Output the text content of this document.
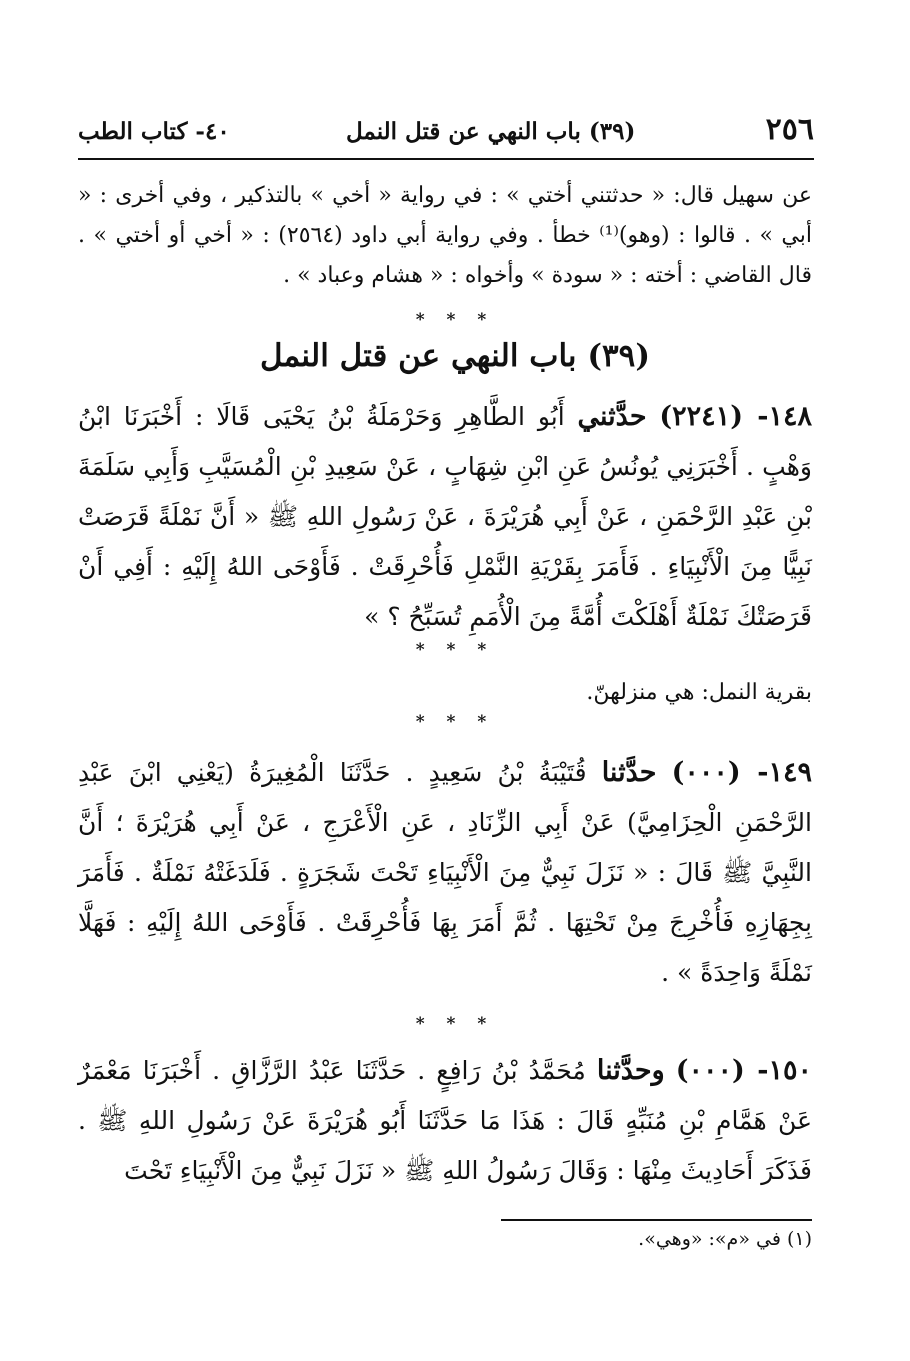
٢٥٦
(٣٩) باب النهي عن قتل النمل
٤٠- كتاب الطب
عن سهيل قال: « حدثتني أختي » : في رواية « أخي » بالتذكير ، وفي أخرى : « أبي » . قالوا : (وهو)⁽¹⁾ خطأ . وفي رواية أبي داود (٢٥٦٤) : « أخي أو أختي » . قال القاضي : أخته : « سودة » وأخواه : « هشام وعباد » .
* * *
(٣٩) باب النهي عن قتل النمل
١٤٨- (٢٢٤١) حدَّثني أَبُو الطَّاهِرِ وَحَرْمَلَةُ بْنُ يَحْيَى قَالَا : أَخْبَرَنَا ابْنُ وَهْبٍ . أَخْبَرَنِي يُونُسُ عَنِ ابْنِ شِهَابٍ ، عَنْ سَعِيدِ بْنِ الْمُسَيَّبِ وَأَبِي سَلَمَةَ بْنِ عَبْدِ الرَّحْمَنِ ، عَنْ أَبِي هُرَيْرَةَ ، عَنْ رَسُولِ اللهِ ﷺ « أَنَّ نَمْلَةً قَرَصَتْ نَبِيًّا مِنَ الْأَنْبِيَاءِ . فَأَمَرَ بِقَرْيَةِ النَّمْلِ فَأُحْرِقَتْ . فَأَوْحَى اللهُ إِلَيْهِ : أَفِي أَنْ قَرَصَتْكَ نَمْلَةٌ أَهْلَكْتَ أُمَّةً مِنَ الْأُمَمِ تُسَبِّحُ ؟ »
* * *
بقرية النمل: هي منزلهنّ.
* * *
١٤٩- (٠٠٠) حدَّثنا قُتَيْبَةُ بْنُ سَعِيدٍ . حَدَّثَنَا الْمُغِيرَةُ (يَعْنِي ابْنَ عَبْدِ الرَّحْمَنِ الْحِزَامِيَّ) عَنْ أَبِي الزِّنَادِ ، عَنِ الْأَعْرَجِ ، عَنْ أَبِي هُرَيْرَةَ ؛ أَنَّ النَّبِيَّ ﷺ قَالَ : « نَزَلَ نَبِيٌّ مِنَ الْأَنْبِيَاءِ تَحْتَ شَجَرَةٍ . فَلَدَغَتْهُ نَمْلَةٌ . فَأَمَرَ بِجِهَازِهِ فَأُخْرِجَ مِنْ تَحْتِهَا . ثُمَّ أَمَرَ بِهَا فَأُحْرِقَتْ . فَأَوْحَى اللهُ إِلَيْهِ : فَهَلَّا نَمْلَةً وَاحِدَةً » .
* * *
١٥٠- (٠٠٠) وحدَّثنا مُحَمَّدُ بْنُ رَافِعٍ . حَدَّثَنَا عَبْدُ الرَّزَّاقِ . أَخْبَرَنَا مَعْمَرٌ عَنْ هَمَّامِ بْنِ مُنَبِّهٍ قَالَ : هَذَا مَا حَدَّثَنَا أَبُو هُرَيْرَةَ عَنْ رَسُولِ اللهِ ﷺ . فَذَكَرَ أَحَادِيثَ مِنْهَا : وَقَالَ رَسُولُ اللهِ ﷺ « نَزَلَ نَبِيٌّ مِنَ الْأَنْبِيَاءِ تَحْتَ
(١) في «م»: «وهي».
